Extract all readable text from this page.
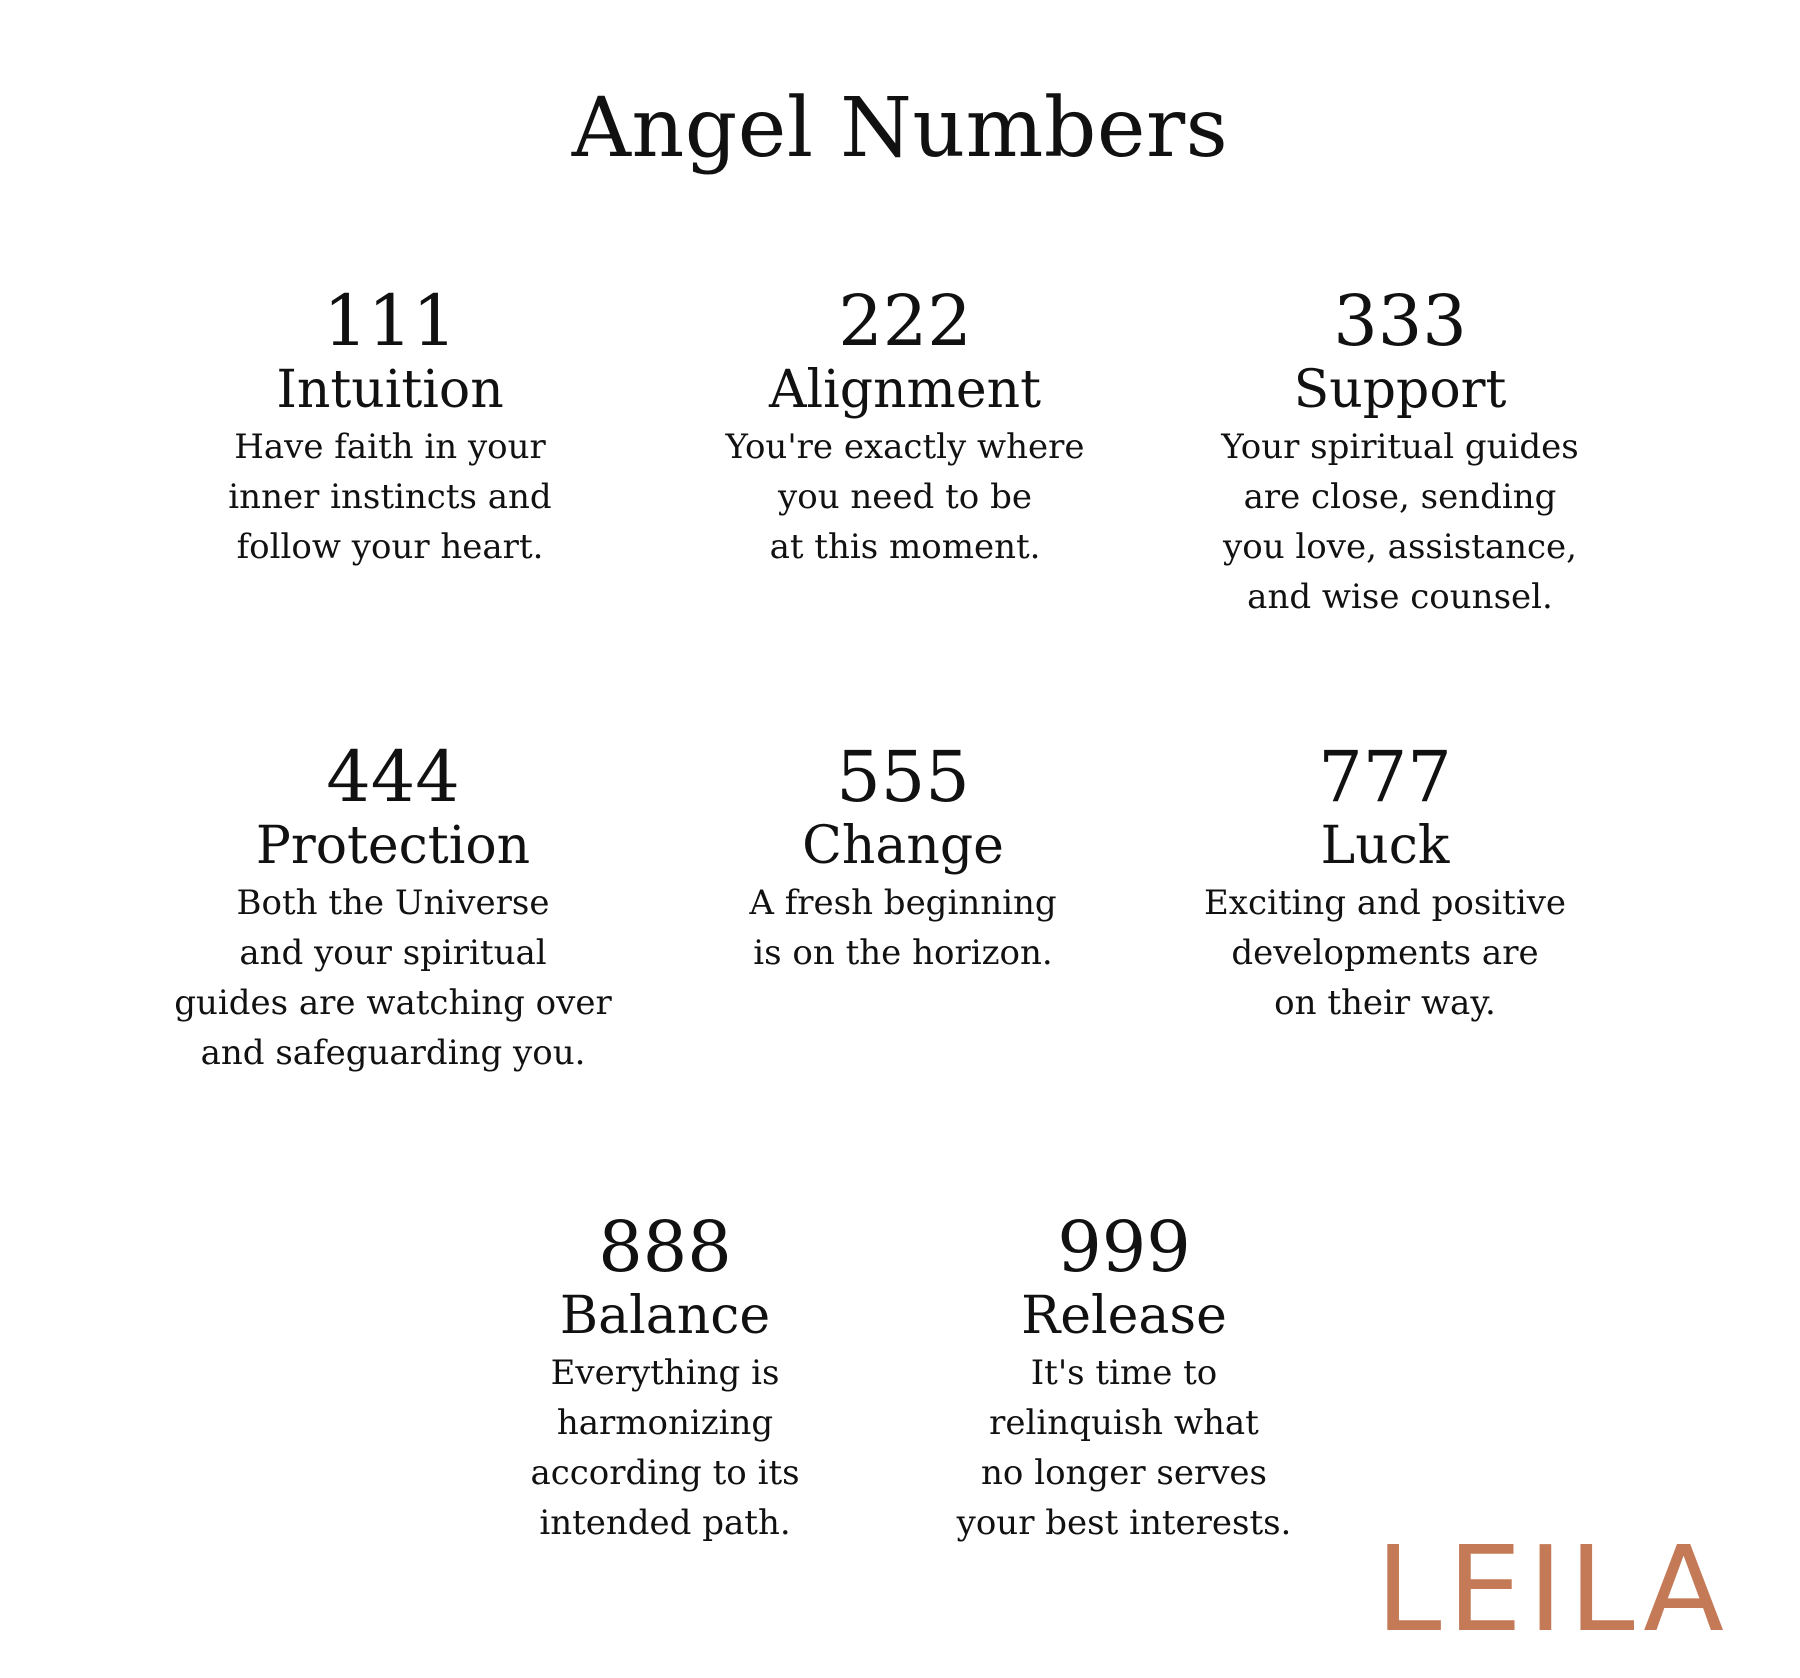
Angel Numbers
111
Intuition
Have faith in your
inner instincts and
follow your heart.
222
Alignment
You're exactly where
you need to be
at this moment.
333
Support
Your spiritual guides
are close, sending
you love, assistance,
and wise counsel.
444
Protection
Both the Universe
and your spiritual
guides are watching over
and safeguarding you.
555
Change
A fresh beginning
is on the horizon.
777
Luck
Exciting and positive
developments are
on their way.
888
Balance
Everything is
harmonizing
according to its
intended path.
999
Release
It's time to
relinquish what
no longer serves
your best interests. LEILA
